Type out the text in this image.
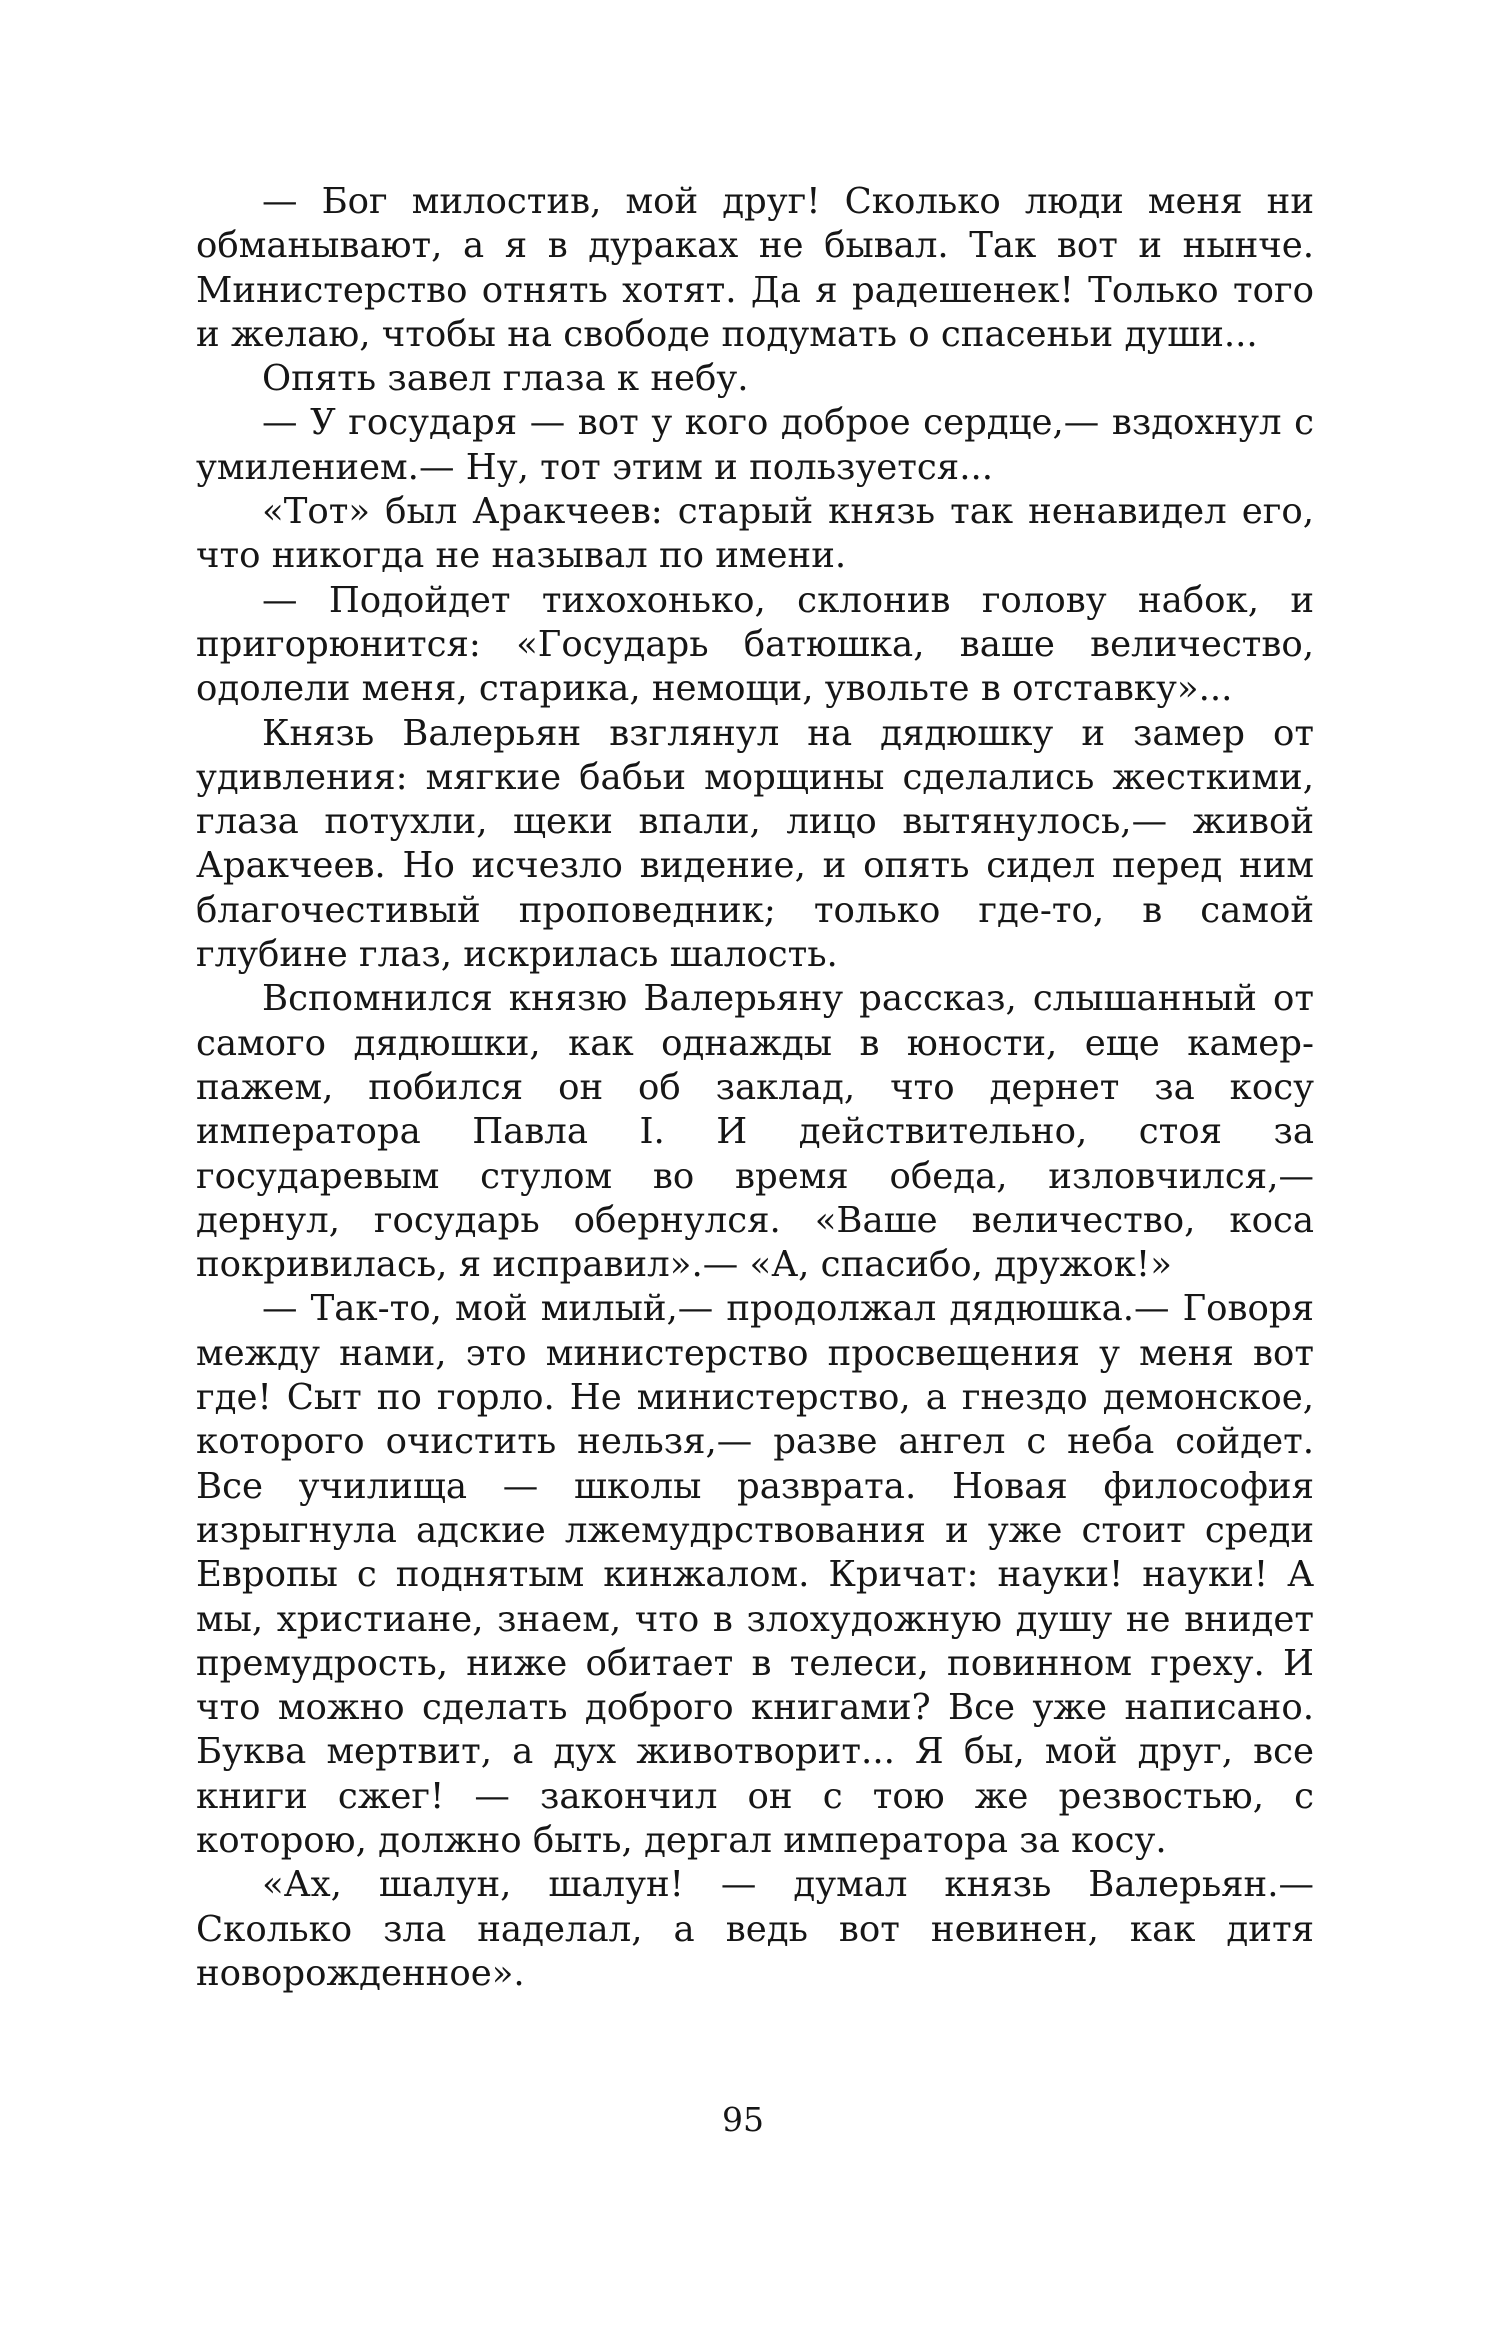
— Бог милостив, мой друг! Сколько люди меня ни обманывают, а я в дураках не бывал. Так вот и нынче. Министерство отнять хотят. Да я радешенек! Только того и желаю, чтобы на свободе подумать о спасеньи души...

Опять завел глаза к небу.

— У государя — вот у кого доброе сердце,— вздохнул с умилением.— Ну, тот этим и пользуется...

«Тот» был Аракчеев: старый князь так ненавидел его, что никогда не называл по имени.

— Подойдет тихохонько, склонив голову набок, и пригорюнится: «Государь батюшка, ваше величество, одолели меня, старика, немощи, увольте в отставку»...

Князь Валерьян взглянул на дядюшку и замер от удивления: мягкие бабьи морщины сделались жесткими, глаза потухли, щеки впали, лицо вытянулось,— живой Аракчеев. Но исчезло видение, и опять сидел перед ним благочестивый проповедник; только где-то, в самой глубине глаз, искрилась шалость.

Вспомнился князю Валерьяну рассказ, слышанный от самого дядюшки, как однажды в юности, еще камер-пажем, побился он об заклад, что дернет за косу императора Павла I. И действительно, стоя за государевым стулом во время обеда, изловчился,— дернул, государь обернулся. «Ваше величество, коса покривилась, я исправил».— «А, спасибо, дружок!»

— Так-то, мой милый,— продолжал дядюшка.— Говоря между нами, это министерство просвещения у меня вот где! Сыт по горло. Не министерство, а гнездо демонское, которого очистить нельзя,— разве ангел с неба сойдет. Все училища — школы разврата. Новая философия изрыгнула адские лжемудрствования и уже стоит среди Европы с поднятым кинжалом. Кричат: науки! науки! А мы, христиане, знаем, что в злохудожную душу не внидет премудрость, ниже обитает в телеси, повинном греху. И что можно сделать доброго книгами? Все уже написано. Буква мертвит, а дух животворит... Я бы, мой друг, все книги сжег! — закончил он с тою же резвостью, с которою, должно быть, дергал императора за косу.

«Ах, шалун, шалун! — думал князь Валерьян.— Сколько зла наделал, а ведь вот невинен, как дитя новорожденное».

95
